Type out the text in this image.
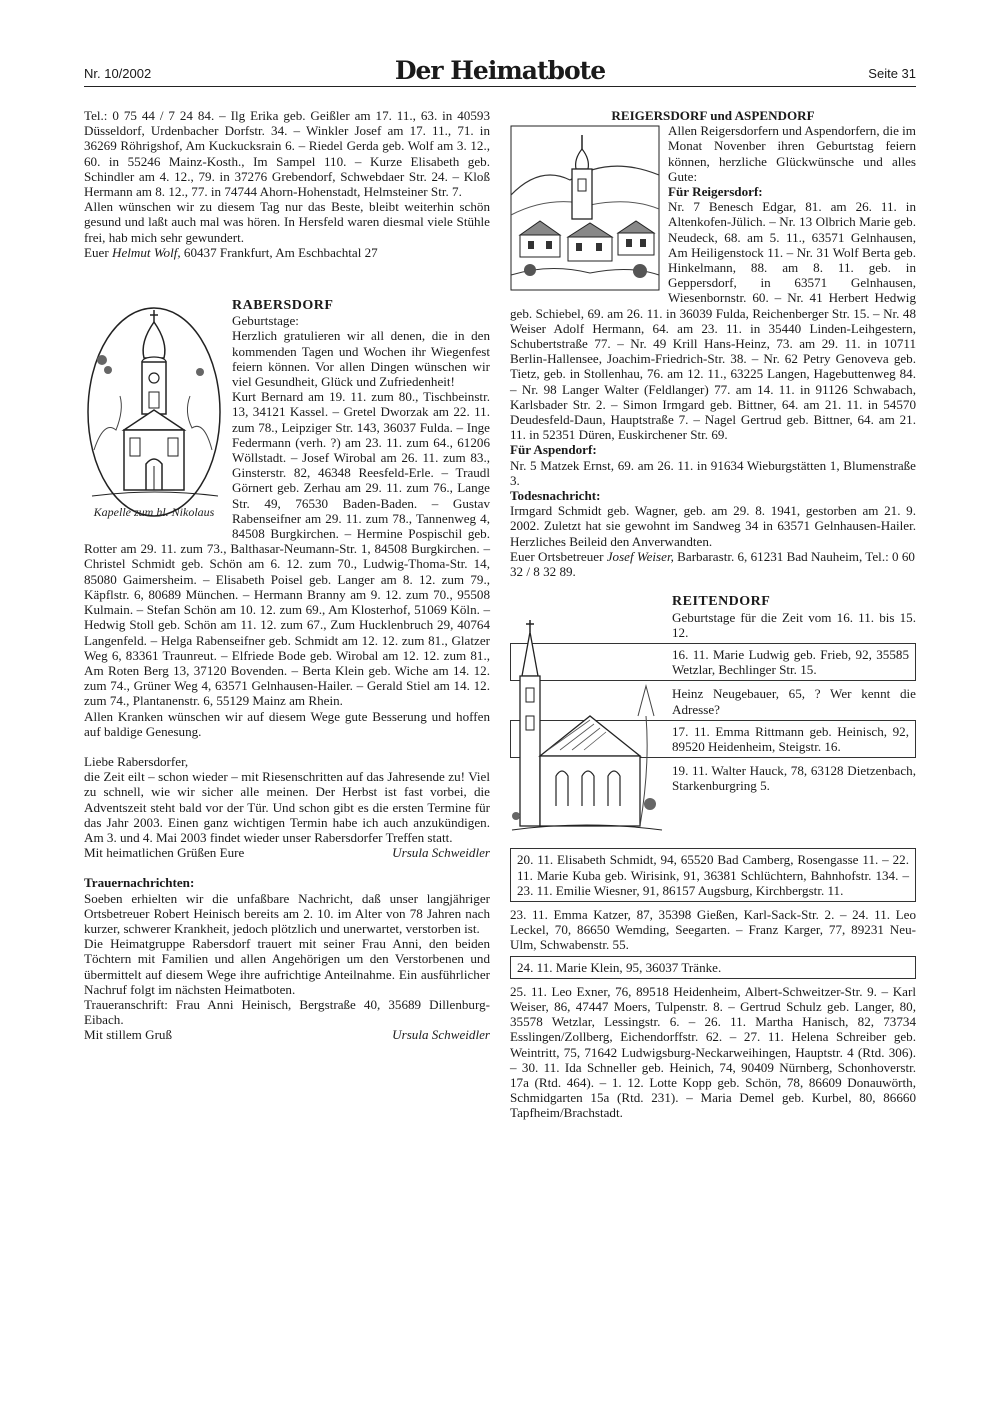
Nr. 10/2002	Der Heimatbote	Seite 31

Tel.: 0 75 44 / 7 24 84. – Ilg Erika geb. Geißler am 17. 11., 63. in 40593 Düsseldorf, Urdenbacher Dorfstr. 34. – Winkler Josef am 17. 11., 71. in 36269 Röhrigshof, Am Kuckucksrain 6. – Riedel Gerda geb. Wolf am 3. 12., 60. in 55246 Mainz-Kosth., Im Sampel 110. – Kurze Elisabeth geb. Schindler am 4. 12., 79. in 37276 Grebendorf, Schwebdaer Str. 24. – Kloß Hermann am 8. 12., 77. in 74744 Ahorn-Hohenstadt, Helmsteiner Str. 7.

Allen wünschen wir zu diesem Tag nur das Beste, bleibt weiterhin schön gesund und laßt auch mal was hören. In Hersfeld waren diesmal viele Stühle frei, hab mich sehr gewundert.

Euer Helmut Wolf, 60437 Frankfurt, Am Eschbachtal 27

Kapelle zum hl. Nikolaus

RABERSDORF

Geburtstage:

Herzlich gratulieren wir all denen, die in den kommenden Tagen und Wochen ihr Wiegenfest feiern können. Vor allen Dingen wünschen wir viel Gesundheit, Glück und Zufriedenheit!

Kurt Bernard am 19. 11. zum 80., Tischbeinstr. 13, 34121 Kassel. – Gretel Dworzak am 22. 11. zum 78., Leipziger Str. 143, 36037 Fulda. – Inge Federmann (verh. ?) am 23. 11. zum 64., 61206 Wöllstadt. – Josef Wirobal am 26. 11. zum 83., Ginsterstr. 82, 46348 Reesfeld-Erle. – Traudl Görnert geb. Zerhau am 29. 11. zum 76., Lange Str. 49, 76530 Baden-Baden. – Gustav Rabenseifner am 29. 11. zum 78., Tannenweg 4, 84508 Burgkirchen. – Hermine Pospischil geb. Rotter am 29. 11. zum 73., Balthasar-Neumann-Str. 1, 84508 Burgkirchen. – Christel Schmidt geb. Schön am 6. 12. zum 70., Ludwig-Thoma-Str. 14, 85080 Gaimersheim. – Elisabeth Poisel geb. Langer am 8. 12. zum 79., Käpflstr. 6, 80689 München. – Hermann Branny am 9. 12. zum 70., 95508 Kulmain. – Stefan Schön am 10. 12. zum 69., Am Klosterhof, 51069 Köln. – Hedwig Stoll geb. Schön am 11. 12. zum 67., Zum Hucklenbruch 29, 40764 Langenfeld. – Helga Rabenseifner geb. Schmidt am 12. 12. zum 81., Glatzer Weg 6, 83361 Traunreut. – Elfriede Bode geb. Wirobal am 12. 12. zum 81., Am Roten Berg 13, 37120 Bovenden. – Berta Klein geb. Wiche am 14. 12. zum 74., Grüner Weg 4, 63571 Gelnhausen-Hailer. – Gerald Stiel am 14. 12. zum 74., Plantanenstr. 6, 55129 Mainz am Rhein.

Allen Kranken wünschen wir auf diesem Wege gute Besserung und hoffen auf baldige Genesung.

Liebe Rabersdorfer,

die Zeit eilt – schon wieder – mit Riesenschritten auf das Jahresende zu! Viel zu schnell, wie wir sicher alle meinen. Der Herbst ist fast vorbei, die Adventszeit steht bald vor der Tür. Und schon gibt es die ersten Termine für das Jahr 2003. Einen ganz wichtigen Termin habe ich auch anzukündigen. Am 3. und 4. Mai 2003 findet wieder unser Rabersdorfer Treffen statt.

Mit heimatlichen Grüßen Eure	Ursula Schweidler

Trauernachrichten:

Soeben erhielten wir die unfaßbare Nachricht, daß unser langjähriger Ortsbetreuer Robert Heinisch bereits am 2. 10. im Alter von 78 Jahren nach kurzer, schwerer Krankheit, jedoch plötzlich und unerwartet, verstorben ist.

Die Heimatgruppe Rabersdorf trauert mit seiner Frau Anni, den beiden Töchtern mit Familien und allen Angehörigen um den Verstorbenen und übermittelt auf diesem Wege ihre aufrichtige Anteilnahme. Ein ausführlicher Nachruf folgt im nächsten Heimatboten.

Traueranschrift: Frau Anni Heinisch, Bergstraße 40, 35689 Dillenburg-Eibach.

Mit stillem Gruß	Ursula Schweidler

REIGERSDORF und ASPENDORF

Allen Reigersdorfern und Aspendorfern, die im Monat Novenber ihren Geburtstag feiern können, herzliche Glückwünsche und alles Gute:

Für Reigersdorf:

Nr. 7 Benesch Edgar, 81. am 26. 11. in Altenkofen-Jülich. – Nr. 13 Olbrich Marie geb. Neudeck, 68. am 5. 11., 63571 Gelnhausen, Am Heiligenstock 11. – Nr. 31 Wolf Berta geb. Hinkelmann, 88. am 8. 11. geb. in Geppersdorf, in 63571 Gelnhausen, Wiesenbornstr. 60. – Nr. 41 Herbert Hedwig geb. Schiebel, 69. am 26. 11. in 36039 Fulda, Reichenberger Str. 15. – Nr. 48 Weiser Adolf Hermann, 64. am 23. 11. in 35440 Linden-Leihgestern, Schubertstraße 77. – Nr. 49 Krill Hans-Heinz, 73. am 29. 11. in 10711 Berlin-Hallensee, Joachim-Friedrich-Str. 38. – Nr. 62 Petry Genoveva geb. Tietz, geb. in Stollenhau, 76. am 12. 11., 63225 Langen, Hagebuttenweg 84. – Nr. 98 Langer Walter (Feldlanger) 77. am 14. 11. in 91126 Schwabach, Karlsbader Str. 2. – Simon Irmgard geb. Bittner, 64. am 21. 11. in 54570 Deudesfeld-Daun, Hauptstraße 7. – Nagel Gertrud geb. Bittner, 64. am 21. 11. in 52351 Düren, Euskirchener Str. 69.

Für Aspendorf:

Nr. 5 Matzek Ernst, 69. am 26. 11. in 91634 Wieburgstätten 1, Blumenstraße 3.

Todesnachricht:

Irmgard Schmidt geb. Wagner, geb. am 29. 8. 1941, gestorben am 21. 9. 2002. Zuletzt hat sie gewohnt im Sandweg 34 in 63571 Gelnhausen-Hailer. Herzliches Beileid den Anverwandten.

Euer Ortsbetreuer Josef Weiser, Barbarastr. 6, 61231 Bad Nauheim, Tel.: 0 60 32 / 8 32 89.

REITENDORF

Geburtstage für die Zeit vom 16. 11. bis 15. 12.

16. 11. Marie Ludwig geb. Frieb, 92, 35585 Wetzlar, Bechlinger Str. 15.

Heinz Neugebauer, 65, ? Wer kennt die Adresse?

17. 11. Emma Rittmann geb. Heinisch, 92, 89520 Heidenheim, Steigstr. 16.

19. 11. Walter Hauck, 78, 63128 Dietzenbach, Starkenburgring 5.

20. 11. Elisabeth Schmidt, 94, 65520 Bad Camberg, Rosengasse 11. – 22. 11. Marie Kuba geb. Wirisink, 91, 36381 Schlüchtern, Bahnhofstr. 134. – 23. 11. Emilie Wiesner, 91, 86157 Augsburg, Kirchbergstr. 11.

23. 11. Emma Katzer, 87, 35398 Gießen, Karl-Sack-Str. 2. – 24. 11. Leo Leckel, 70, 86650 Wemding, Seegarten. – Franz Karger, 77, 89231 Neu-Ulm, Schwabenstr. 55.

24. 11. Marie Klein, 95, 36037 Tränke.

25. 11. Leo Exner, 76, 89518 Heidenheim, Albert-Schweitzer-Str. 9. – Karl Weiser, 86, 47447 Moers, Tulpenstr. 8. – Gertrud Schulz geb. Langer, 80, 35578 Wetzlar, Lessingstr. 6. – 26. 11. Martha Hanisch, 82, 73734 Esslingen/Zollberg, Eichendorffstr. 62. – 27. 11. Helena Schreiber geb. Weintritt, 75, 71642 Ludwigsburg-Neckarweihingen, Hauptstr. 4 (Rtd. 306). – 30. 11. Ida Schneller geb. Heinich, 74, 90409 Nürnberg, Schonhoverstr. 17a (Rtd. 464). – 1. 12. Lotte Kopp geb. Schön, 78, 86609 Donauwörth, Schmidgarten 15a (Rtd. 231). – Maria Demel geb. Kurbel, 80, 86660 Tapfheim/Brachstadt.
